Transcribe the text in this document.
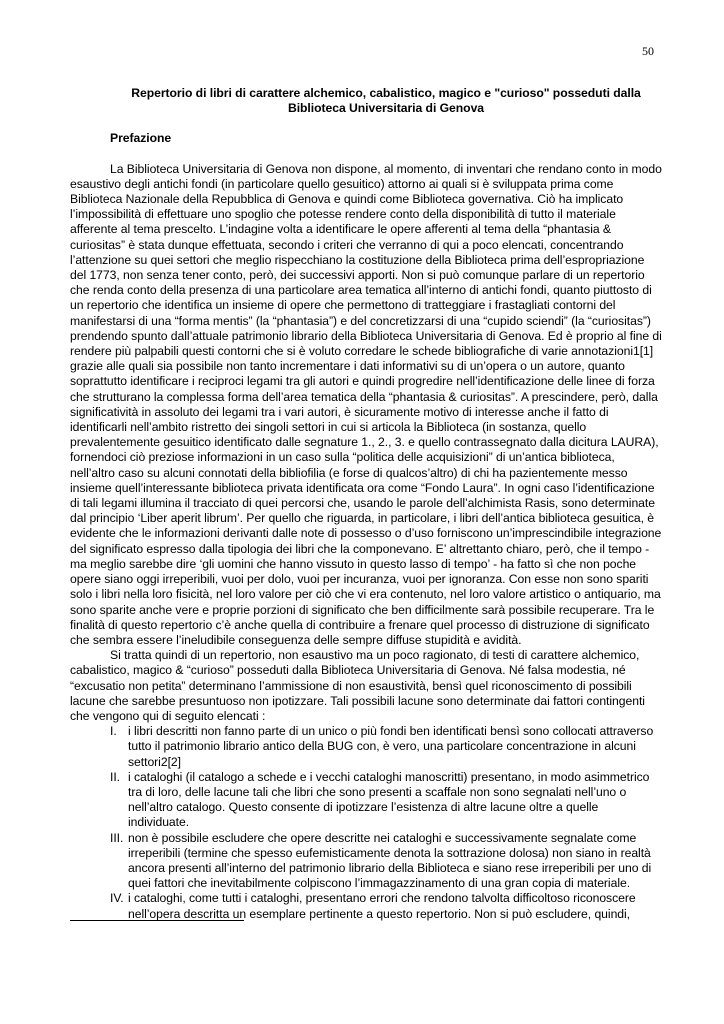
50
Repertorio di libri di carattere alchemico, cabalistico, magico e "curioso" posseduti dalla Biblioteca Universitaria di Genova
Prefazione

La Biblioteca Universitaria di Genova non dispone, al momento, di inventari che rendano conto in modo esaustivo degli antichi fondi (in particolare quello gesuitico) attorno ai quali si è sviluppata prima come Biblioteca Nazionale della Repubblica di Genova e quindi come Biblioteca governativa. Ciò ha implicato l’impossibilità di effettuare uno spoglio che potesse rendere conto della disponibilità di tutto il materiale afferente al tema prescelto. L’indagine volta a identificare le opere afferenti al tema della “phantasia & curiositas” è stata dunque effettuata, secondo i criteri che verranno di qui a poco elencati, concentrando l’attenzione su quei settori che meglio rispecchiano la costituzione della Biblioteca prima dell’espropriazione del 1773, non senza tener conto, però, dei successivi apporti. Non si può comunque parlare di un repertorio che renda conto della presenza di una particolare area tematica all’interno di antichi fondi, quanto piuttosto di un repertorio che identifica un insieme di opere che permettono di tratteggiare i frastagliati contorni del manifestarsi di una “forma mentis” (la “phantasia”) e del concretizzarsi di una “cupido sciendi” (la “curiositas”) prendendo spunto dall’attuale patrimonio librario della Biblioteca Universitaria di Genova. Ed è proprio al fine di rendere più palpabili questi contorni che si è voluto corredare le schede bibliografiche di varie annotazioni1[1] grazie alle quali sia possibile non tanto incrementare i dati informativi su di un’opera o un autore, quanto soprattutto identificare i reciproci legami tra gli autori e quindi progredire nell’identificazione delle linee di forza che strutturano la complessa forma dell’area tematica della “phantasia & curiositas”. A prescindere, però, dalla significatività in assoluto dei legami tra i vari autori, è sicuramente motivo di interesse anche il fatto di identificarli nell’ambito ristretto dei singoli settori in cui si articola la Biblioteca (in sostanza, quello prevalentemente gesuitico identificato dalle segnature 1., 2., 3. e quello contrassegnato dalla dicitura LAURA), fornendoci ciò preziose informazioni in un caso sulla “politica delle acquisizioni” di un’antica biblioteca, nell’altro caso su alcuni connotati della bibliofilia (e forse di qualcos’altro) di chi ha pazientemente messo insieme quell’interessante biblioteca privata identificata ora come “Fondo Laura”. In ogni caso l’identificazione di tali legami illumina il tracciato di quei percorsi che, usando le parole dell’alchimista Rasis, sono determinate dal principio ‘Liber aperit librum’. Per quello che riguarda, in particolare, i libri dell’antica biblioteca gesuitica, è evidente che le informazioni derivanti dalle note di possesso o d’uso forniscono un’imprescindibile integrazione del significato espresso dalla tipologia dei libri che la componevano. E’ altrettanto chiaro, però, che il tempo - ma meglio sarebbe dire ‘gli uomini che hanno vissuto in questo lasso di tempo’ - ha fatto sì che non poche opere siano oggi irreperibili, vuoi per dolo, vuoi per incuranza, vuoi per ignoranza. Con esse non sono spariti solo i libri nella loro fisicità, nel loro valore per ciò che vi era contenuto, nel loro valore artistico o antiquario, ma sono sparite anche vere e proprie porzioni di significato che ben difficilmente sarà possibile recuperare. Tra le finalità di questo repertorio c’è anche quella di contribuire a frenare quel processo di distruzione di significato che sembra essere l’ineludibile conseguenza delle sempre diffuse stupidità e avidità.

Si tratta quindi di un repertorio, non esaustivo ma un poco ragionato, di testi di carattere alchemico, cabalistico, magico & “curioso” posseduti dalla Biblioteca Universitaria di Genova. Né falsa modestia, né “excusatio non petita” determinano l’ammissione di non esaustività, bensì quel riconoscimento di possibili lacune che sarebbe presuntuoso non ipotizzare. Tali possibili lacune sono determinate dai fattori contingenti che vengono qui di seguito elencati :

I. i libri descritti non fanno parte di un unico o più fondi ben identificati bensì sono collocati attraverso tutto il patrimonio librario antico della BUG con, è vero, una particolare concentrazione in alcuni settori2[2]
II. i cataloghi (il catalogo a schede e i vecchi cataloghi manoscritti) presentano, in modo asimmetrico tra di loro, delle lacune tali che libri che sono presenti a scaffale non sono segnalati nell’uno o nell’altro catalogo. Questo consente di ipotizzare l’esistenza di altre lacune oltre a quelle individuate.
III. non è possibile escludere che opere descritte nei cataloghi e successivamente segnalate come irreperibili (termine che spesso eufemisticamente denota la sottrazione dolosa) non siano in realtà ancora presenti all’interno del patrimonio librario della Biblioteca e siano rese irreperibili per uno di quei fattori che inevitabilmente colpiscono l’immagazzinamento di una gran copia di materiale.
IV. i cataloghi, come tutti i cataloghi, presentano errori che rendono talvolta difficoltoso riconoscere nell’opera descritta un esemplare pertinente a questo repertorio. Non si può escludere, quindi,
